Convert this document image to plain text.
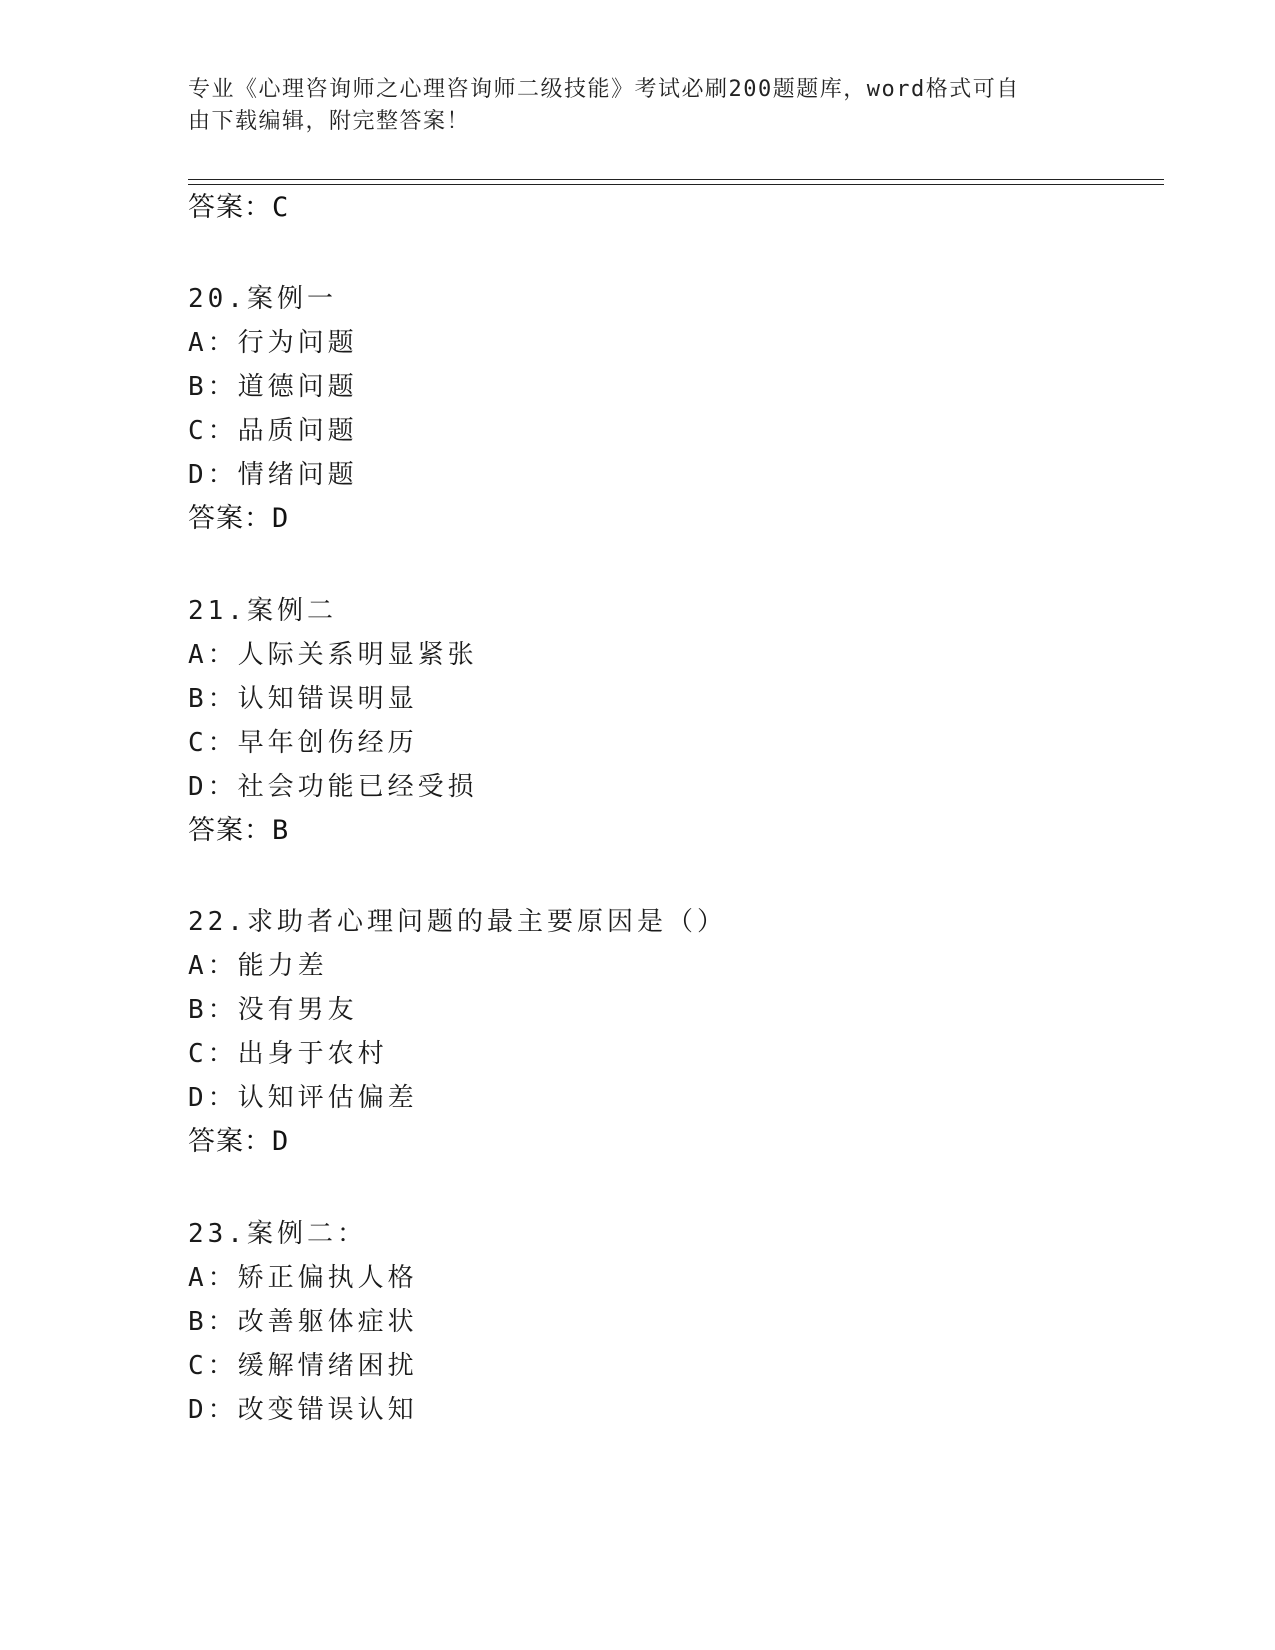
专业《心理咨询师之心理咨询师二级技能》考试必刷200题题库，word格式可自
由下载编辑，附完整答案！
答案：C
20.案例一
A：行为问题
B：道德问题
C：品质问题
D：情绪问题
答案：D
21.案例二
A：人际关系明显紧张
B：认知错误明显
C：早年创伤经历
D：社会功能已经受损
答案：B
22.求助者心理问题的最主要原因是（）
A：能力差
B：没有男友
C：出身于农村
D：认知评估偏差
答案：D
23.案例二：
A：矫正偏执人格
B：改善躯体症状
C：缓解情绪困扰
D：改变错误认知
